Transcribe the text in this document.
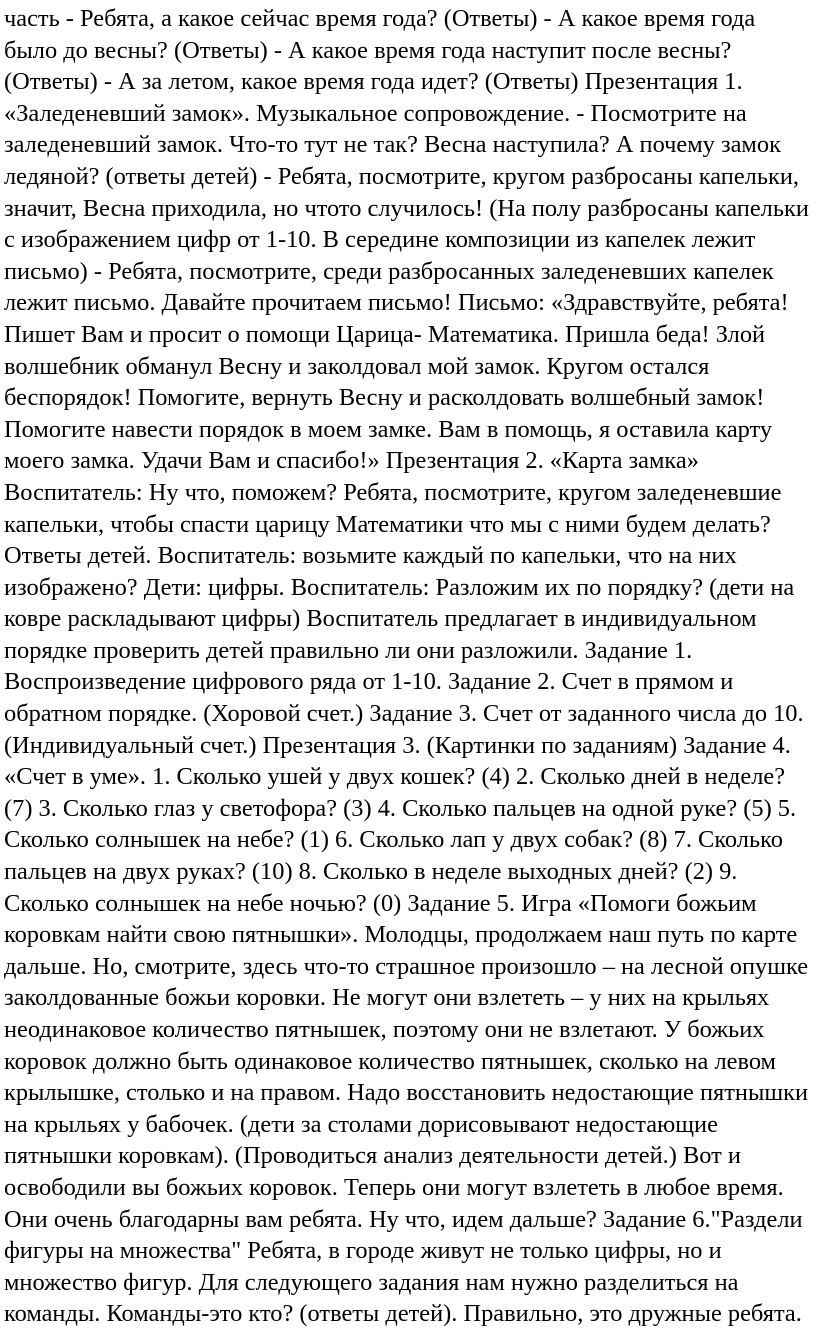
часть - Ребята, а какое сейчас время года? (Ответы) - А какое время года
было до весны? (Ответы) - А какое время года наступит после весны?
(Ответы) - А за летом, какое время года идет? (Ответы) Презентация 1.
«Заледеневший замок». Музыкальное сопровождение. - Посмотрите на
заледеневший замок. Что-то тут не так? Весна наступила? А почему замок
ледяной? (ответы детей) - Ребята, посмотрите, кругом разбросаны капельки,
значит, Весна приходила, но чтото случилось! (На полу разбросаны капельки
с изображением цифр от 1-10. В середине композиции из капелек лежит
письмо) - Ребята, посмотрите, среди разбросанных заледеневших капелек
лежит письмо. Давайте прочитаем письмо! Письмо: «Здравствуйте, ребята!
Пишет Вам и просит о помощи Царица- Математика. Пришла беда! Злой
волшебник обманул Весну и заколдовал мой замок. Кругом остался
беспорядок! Помогите, вернуть Весну и расколдовать волшебный замок!
Помогите навести порядок в моем замке. Вам в помощь, я оставила карту
моего замка. Удачи Вам и спасибо!» Презентация 2. «Карта замка»
Воспитатель: Ну что, поможем? Ребята, посмотрите, кругом заледеневшие
капельки, чтобы спасти царицу Математики что мы с ними будем делать?
Ответы детей. Воспитатель: возьмите каждый по капельки, что на них
изображено? Дети: цифры. Воспитатель: Разложим их по порядку? (дети на
ковре раскладывают цифры) Воспитатель предлагает в индивидуальном
порядке проверить детей правильно ли они разложили. Задание 1.
Воспроизведение цифрового ряда от 1-10. Задание 2. Счет в прямом и
обратном порядке. (Хоровой счет.) Задание 3. Счет от заданного числа до 10.
(Индивидуальный счет.) Презентация 3. (Картинки по заданиям) Задание 4.
«Счет в уме». 1. Сколько ушей у двух кошек? (4) 2. Сколько дней в неделе?
(7) 3. Сколько глаз у светофора? (3) 4. Сколько пальцев на одной руке? (5) 5.
Сколько солнышек на небе? (1) 6. Сколько лап у двух собак? (8) 7. Сколько
пальцев на двух руках? (10) 8. Сколько в неделе выходных дней? (2) 9.
Сколько солнышек на небе ночью? (0) Задание 5. Игра «Помоги божьим
коровкам найти свою пятнышки». Молодцы, продолжаем наш путь по карте
дальше. Но, смотрите, здесь что-то страшное произошло – на лесной опушке
заколдованные божьи коровки. Не могут они взлететь – у них на крыльях
неодинаковое количество пятнышек, поэтому они не взлетают. У божьих
коровок должно быть одинаковое количество пятнышек, сколько на левом
крылышке, столько и на правом. Надо восстановить недостающие пятнышки
на крыльях у бабочек. (дети за столами дорисовывают недостающие
пятнышки коровкам). (Проводиться анализ деятельности детей.) Вот и
освободили вы божьих коровок. Теперь они могут взлететь в любое время.
Они очень благодарны вам ребята. Ну что, идем дальше? Задание 6."Раздели
фигуры на множества" Ребята, в городе живут не только цифры, но и
множество фигур. Для следующего задания нам нужно разделиться на
команды. Команды-это кто? (ответы детей). Правильно, это дружные ребята.
